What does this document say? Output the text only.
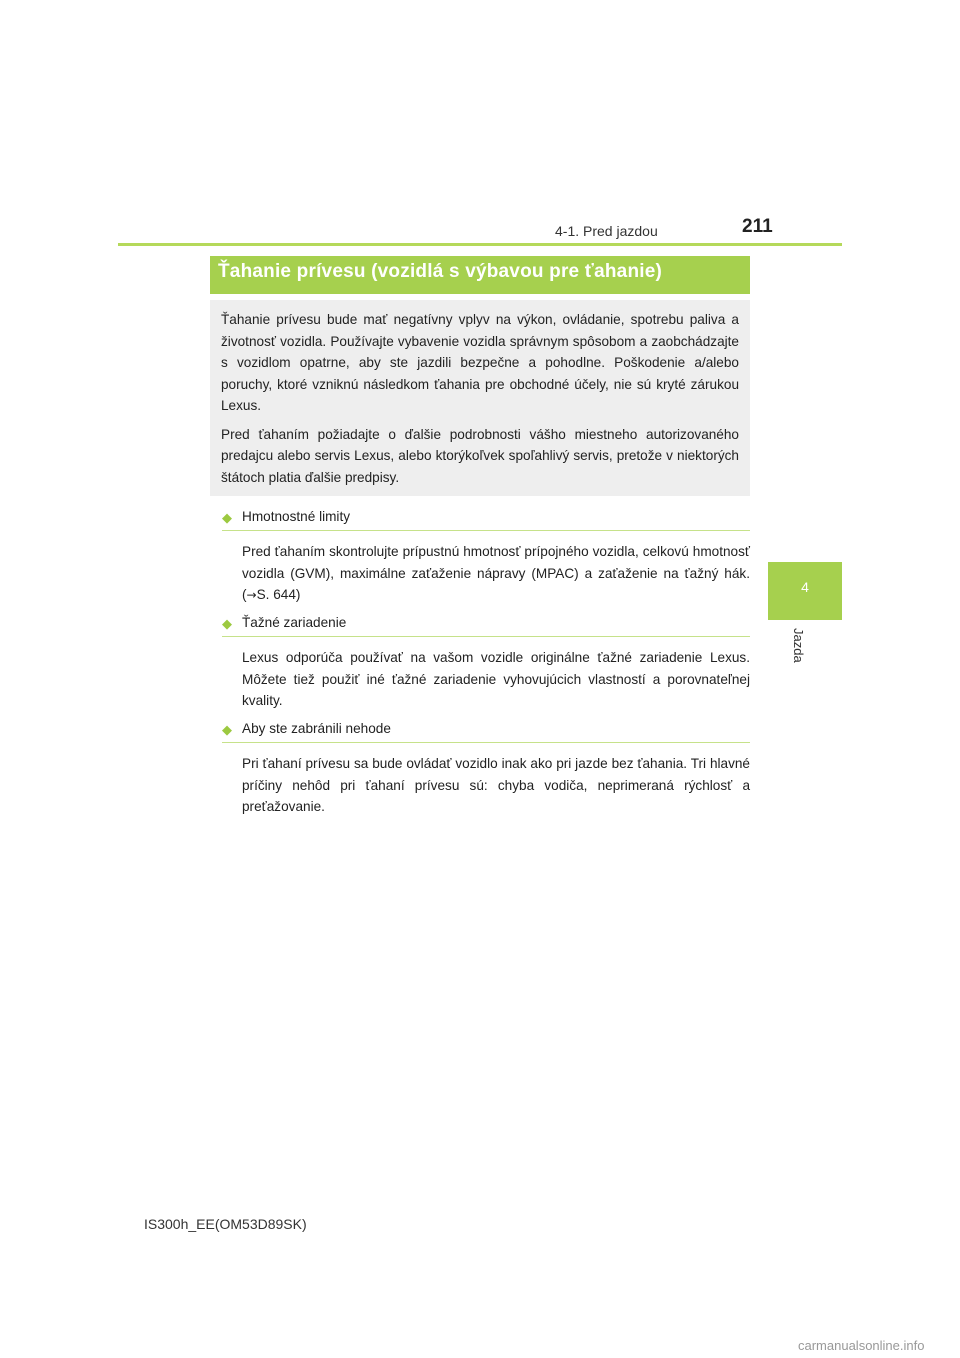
4-1. Pred jazdou	211
4
Jazda
Ťahanie prívesu (vozidlá s výbavou pre ťahanie)

Ťahanie prívesu bude mať negatívny vplyv na výkon, ovládanie, spotrebu paliva a životnosť vozidla. Používajte vybavenie vozidla správnym spôsobom a zaobchádzajte s vozidlom opatrne, aby ste jazdili bezpečne a pohodlne. Poškodenie a/alebo poruchy, ktoré vzniknú následkom ťahania pre obchodné účely, nie sú kryté zárukou Lexus.

Pred ťahaním požiadajte o ďalšie podrobnosti vášho miestneho autorizovaného predajcu alebo servis Lexus, alebo ktorýkoľvek spoľahlivý servis, pretože v niektorých štátoch platia ďalšie predpisy.

◆ Hmotnostné limity
Pred ťahaním skontrolujte prípustnú hmotnosť prípojného vozidla, celkovú hmotnosť vozidla (GVM), maximálne zaťaženie nápravy (MPAC) a zaťaženie na ťažný hák. (→S. 644)
◆ Ťažné zariadenie
Lexus odporúča používať na vašom vozidle originálne ťažné zariadenie Lexus. Môžete tiež použiť iné ťažné zariadenie vyhovujúcich vlastností a porovnateľnej kvality.
◆ Aby ste zabránili nehode
Pri ťahaní prívesu sa bude ovládať vozidlo inak ako pri jazde bez ťahania. Tri hlavné príčiny nehôd pri ťahaní prívesu sú: chyba vodiča, neprimeraná rýchlosť a preťažovanie.
IS300h_EE(OM53D89SK)
carmanualsonline.info
